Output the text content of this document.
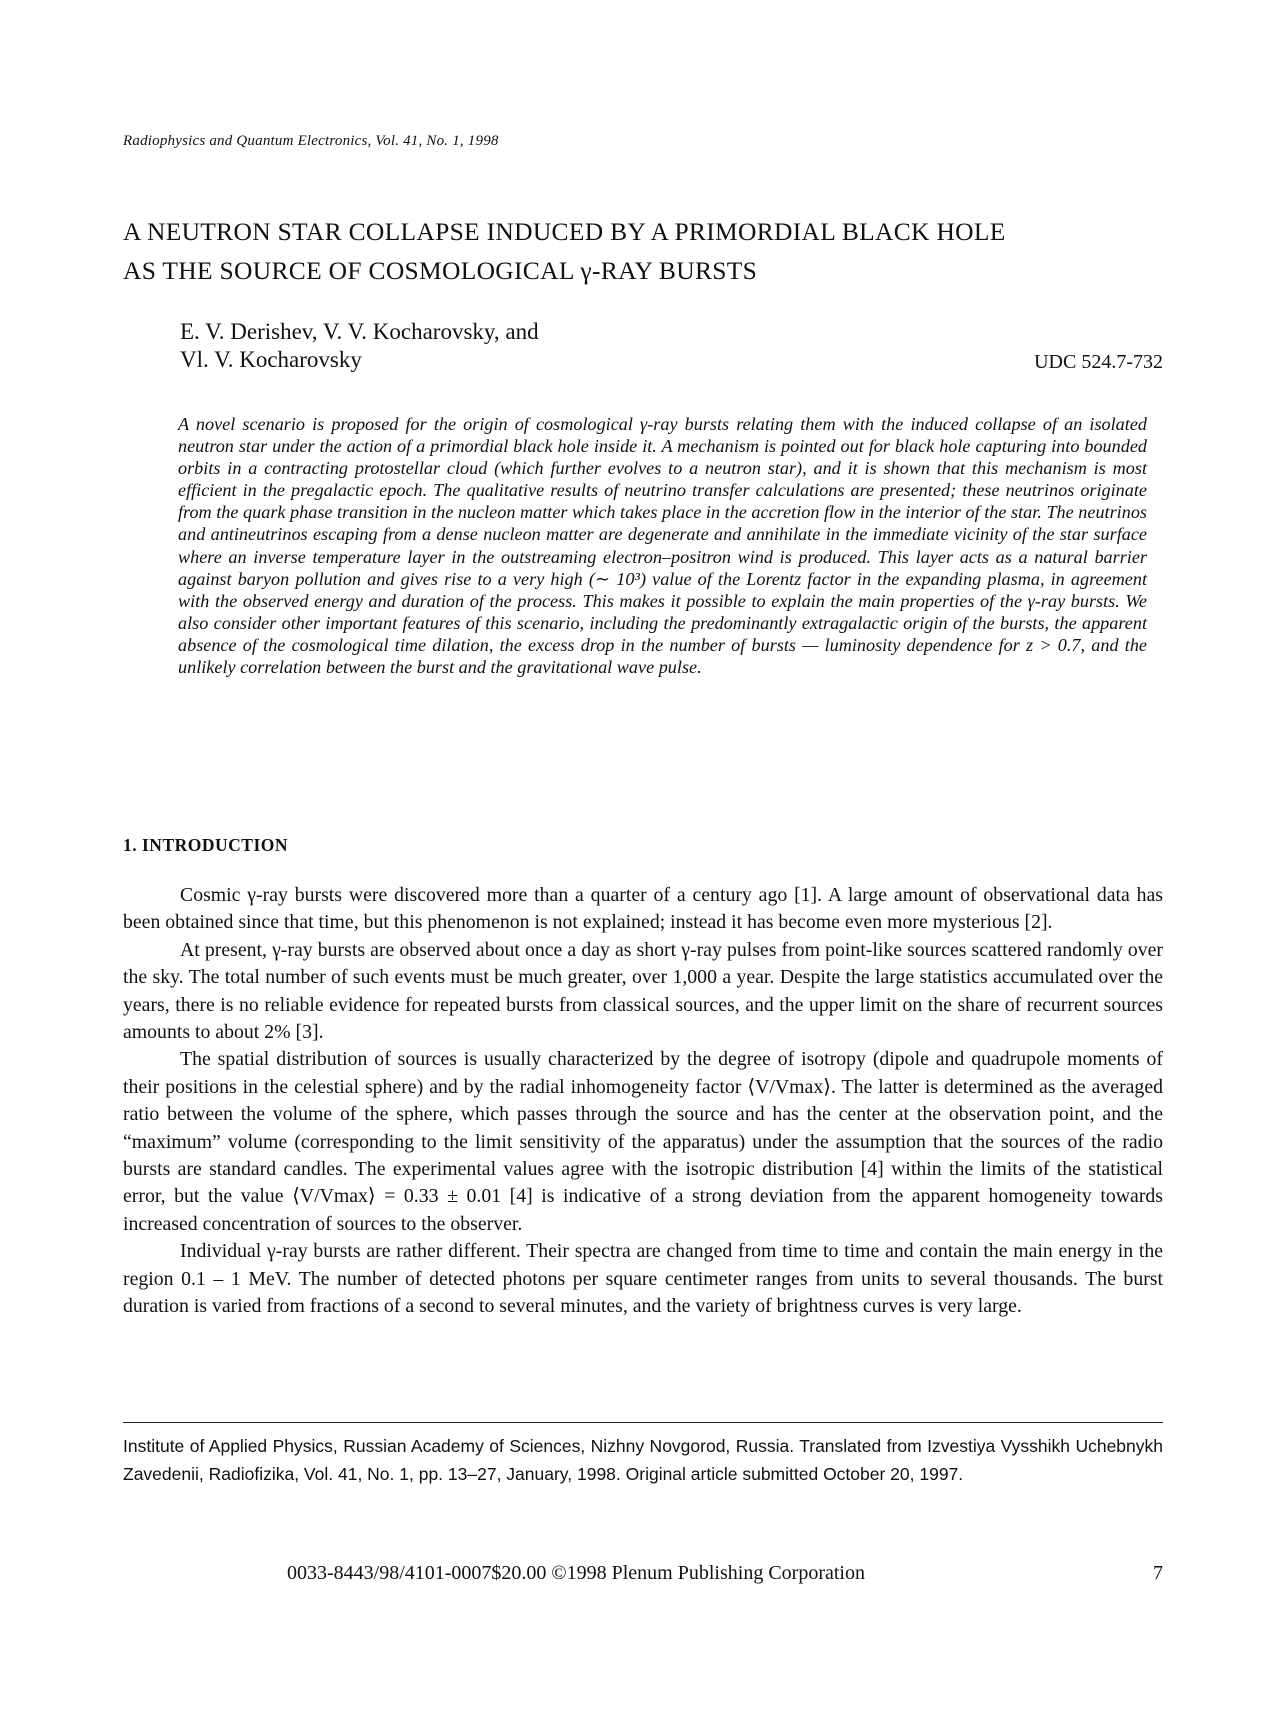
Radiophysics and Quantum Electronics, Vol. 41, No. 1, 1998
A NEUTRON STAR COLLAPSE INDUCED BY A PRIMORDIAL BLACK HOLE
AS THE SOURCE OF COSMOLOGICAL γ-RAY BURSTS
E. V. Derishev, V. V. Kocharovsky, and
Vl. V. Kocharovsky	UDC 524.7-732
A novel scenario is proposed for the origin of cosmological γ-ray bursts relating them with the induced collapse of an isolated neutron star under the action of a primordial black hole inside it. A mechanism is pointed out for black hole capturing into bounded orbits in a contracting protostellar cloud (which further evolves to a neutron star), and it is shown that this mechanism is most efficient in the pregalactic epoch. The qualitative results of neutrino transfer calculations are presented; these neutrinos originate from the quark phase transition in the nucleon matter which takes place in the accretion flow in the interior of the star. The neutrinos and antineutrinos escaping from a dense nucleon matter are degenerate and annihilate in the immediate vicinity of the star surface where an inverse temperature layer in the outstreaming electron–positron wind is produced. This layer acts as a natural barrier against baryon pollution and gives rise to a very high (∼ 10³) value of the Lorentz factor in the expanding plasma, in agreement with the observed energy and duration of the process. This makes it possible to explain the main properties of the γ-ray bursts. We also consider other important features of this scenario, including the predominantly extragalactic origin of the bursts, the apparent absence of the cosmological time dilation, the excess drop in the number of bursts — luminosity dependence for z > 0.7, and the unlikely correlation between the burst and the gravitational wave pulse.
1. INTRODUCTION

Cosmic γ-ray bursts were discovered more than a quarter of a century ago [1]. A large amount of observational data has been obtained since that time, but this phenomenon is not explained; instead it has become even more mysterious [2].

At present, γ-ray bursts are observed about once a day as short γ-ray pulses from point-like sources scattered randomly over the sky. The total number of such events must be much greater, over 1,000 a year. Despite the large statistics accumulated over the years, there is no reliable evidence for repeated bursts from classical sources, and the upper limit on the share of recurrent sources amounts to about 2% [3].

The spatial distribution of sources is usually characterized by the degree of isotropy (dipole and quadrupole moments of their positions in the celestial sphere) and by the radial inhomogeneity factor ⟨V/Vmax⟩. The latter is determined as the averaged ratio between the volume of the sphere, which passes through the source and has the center at the observation point, and the “maximum” volume (corresponding to the limit sensitivity of the apparatus) under the assumption that the sources of the radio bursts are standard candles. The experimental values agree with the isotropic distribution [4] within the limits of the statistical error, but the value ⟨V/Vmax⟩ = 0.33 ± 0.01 [4] is indicative of a strong deviation from the apparent homogeneity towards increased concentration of sources to the observer.

Individual γ-ray bursts are rather different. Their spectra are changed from time to time and contain the main energy in the region 0.1 – 1 MeV. The number of detected photons per square centimeter ranges from units to several thousands. The burst duration is varied from fractions of a second to several minutes, and the variety of brightness curves is very large.

Institute of Applied Physics, Russian Academy of Sciences, Nizhny Novgorod, Russia. Translated from Izvestiya Vysshikh Uchebnykh Zavedenii, Radiofizika, Vol. 41, No. 1, pp. 13–27, January, 1998. Original article submitted October 20, 1997.
0033-8443/98/4101-0007$20.00 ©1998 Plenum Publishing Corporation	7
